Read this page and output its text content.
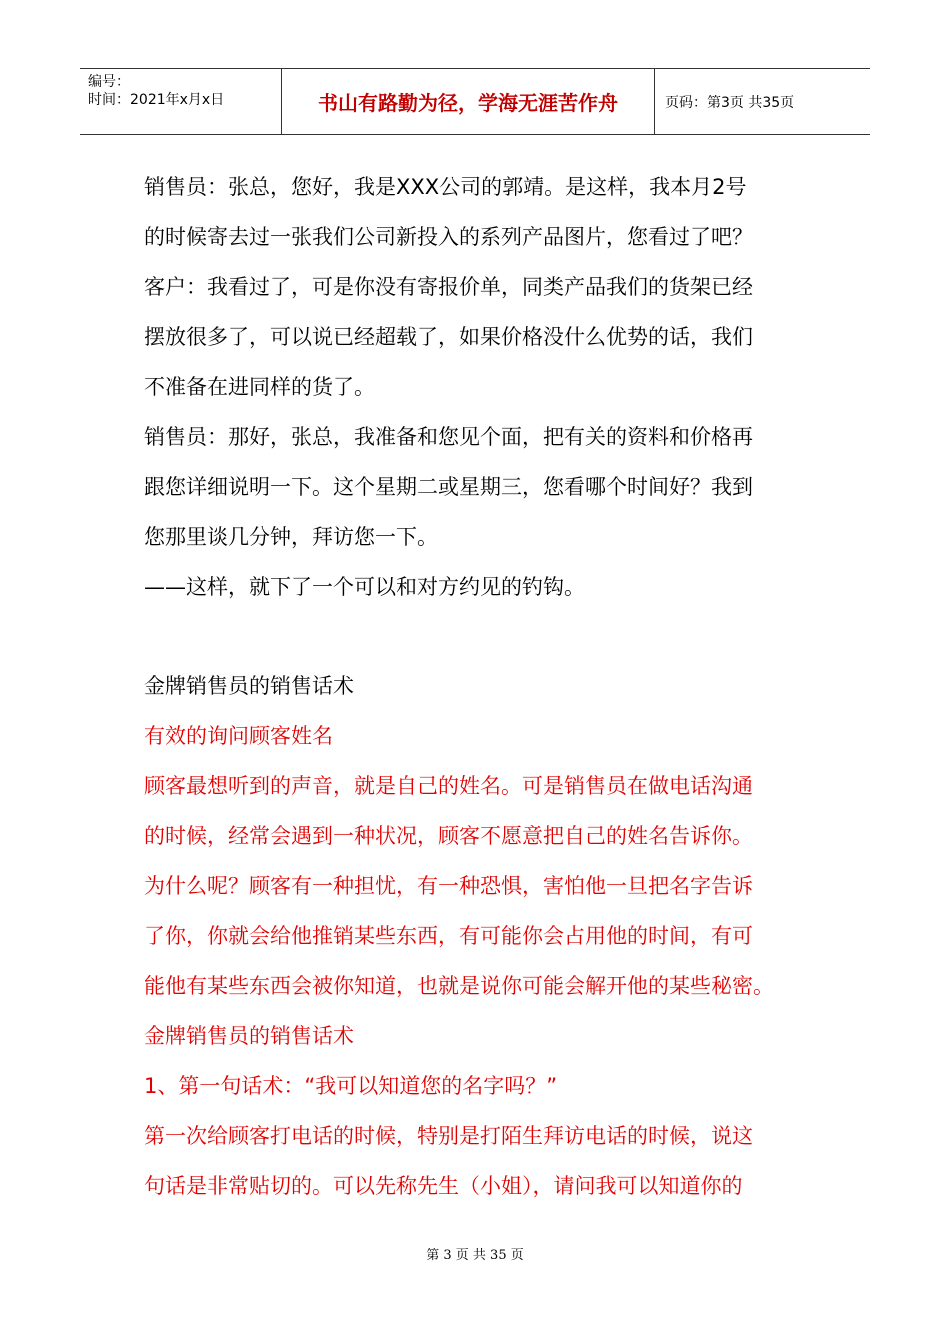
编号：
时间：2021年x月x日	书山有路勤为径，学海无涯苦作舟	页码：第3页 共35页
销售员：张总，您好，我是XXX公司的郭靖。是这样，我本月2号
的时候寄去过一张我们公司新投入的系列产品图片，您看过了吧？
客户：我看过了，可是你没有寄报价单，同类产品我们的货架已经
摆放很多了，可以说已经超载了，如果价格没什么优势的话，我们
不准备在进同样的货了。
销售员：那好，张总，我准备和您见个面，把有关的资料和价格再
跟您详细说明一下。这个星期二或星期三，您看哪个时间好？我到
您那里谈几分钟，拜访您一下。
——这样，就下了一个可以和对方约见的钓钩。
金牌销售员的销售话术
有效的询问顾客姓名
顾客最想听到的声音，就是自己的姓名。可是销售员在做电话沟通
的时候，经常会遇到一种状况，顾客不愿意把自己的姓名告诉你。
为什么呢？顾客有一种担忧，有一种恐惧，害怕他一旦把名字告诉
了你，你就会给他推销某些东西，有可能你会占用他的时间，有可
能他有某些东西会被你知道，也就是说你可能会解开他的某些秘密。
金牌销售员的销售话术
1、第一句话术：“我可以知道您的名字吗？”
第一次给顾客打电话的时候，特别是打陌生拜访电话的时候，说这
句话是非常贴切的。可以先称先生（小姐），请问我可以知道你的
第 3 页 共 35 页
